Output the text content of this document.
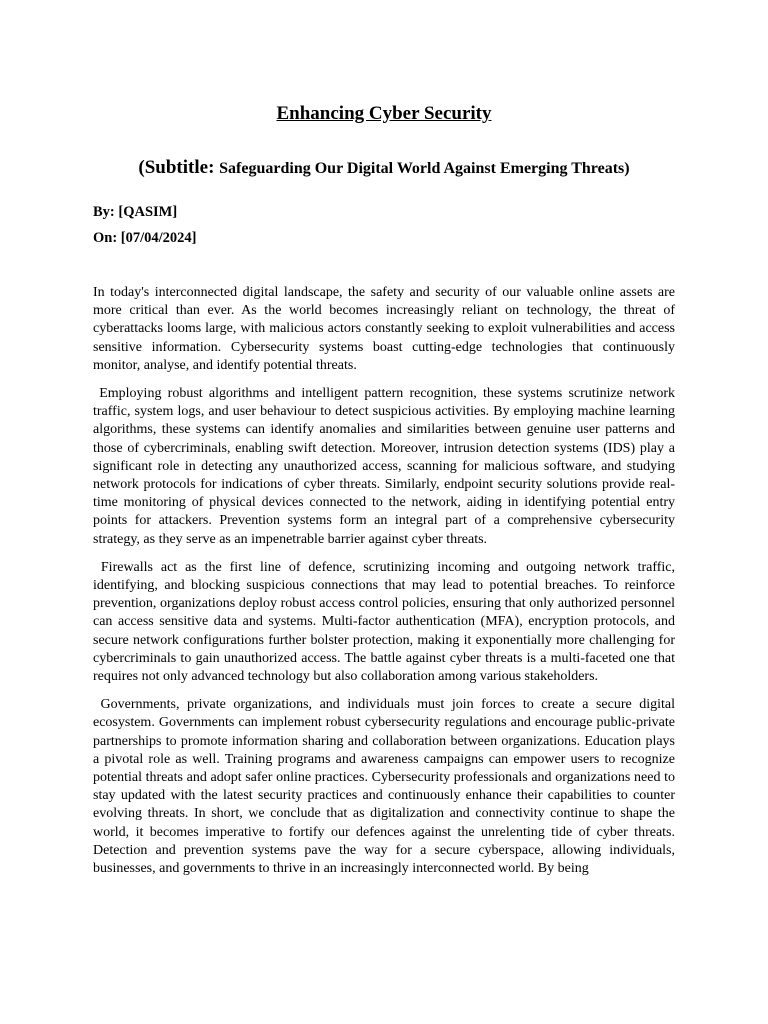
Enhancing Cyber Security
(Subtitle: Safeguarding Our Digital World Against Emerging Threats)

By: [QASIM]

On: [07/04/2024]

In today's interconnected digital landscape, the safety and security of our valuable online assets are more critical than ever. As the world becomes increasingly reliant on technology, the threat of cyberattacks looms large, with malicious actors constantly seeking to exploit vulnerabilities and access sensitive information. Cybersecurity systems boast cutting-edge technologies that continuously monitor, analyse, and identify potential threats.

Employing robust algorithms and intelligent pattern recognition, these systems scrutinize network traffic, system logs, and user behaviour to detect suspicious activities. By employing machine learning algorithms, these systems can identify anomalies and similarities between genuine user patterns and those of cybercriminals, enabling swift detection. Moreover, intrusion detection systems (IDS) play a significant role in detecting any unauthorized access, scanning for malicious software, and studying network protocols for indications of cyber threats. Similarly, endpoint security solutions provide real-time monitoring of physical devices connected to the network, aiding in identifying potential entry points for attackers. Prevention systems form an integral part of a comprehensive cybersecurity strategy, as they serve as an impenetrable barrier against cyber threats.

Firewalls act as the first line of defence, scrutinizing incoming and outgoing network traffic, identifying, and blocking suspicious connections that may lead to potential breaches. To reinforce prevention, organizations deploy robust access control policies, ensuring that only authorized personnel can access sensitive data and systems. Multi-factor authentication (MFA), encryption protocols, and secure network configurations further bolster protection, making it exponentially more challenging for cybercriminals to gain unauthorized access. The battle against cyber threats is a multi-faceted one that requires not only advanced technology but also collaboration among various stakeholders.

Governments, private organizations, and individuals must join forces to create a secure digital ecosystem. Governments can implement robust cybersecurity regulations and encourage public-private partnerships to promote information sharing and collaboration between organizations. Education plays a pivotal role as well. Training programs and awareness campaigns can empower users to recognize potential threats and adopt safer online practices. Cybersecurity professionals and organizations need to stay updated with the latest security practices and continuously enhance their capabilities to counter evolving threats. In short, we conclude that as digitalization and connectivity continue to shape the world, it becomes imperative to fortify our defences against the unrelenting tide of cyber threats. Detection and prevention systems pave the way for a secure cyberspace, allowing individuals, businesses, and governments to thrive in an increasingly interconnected world. By being
